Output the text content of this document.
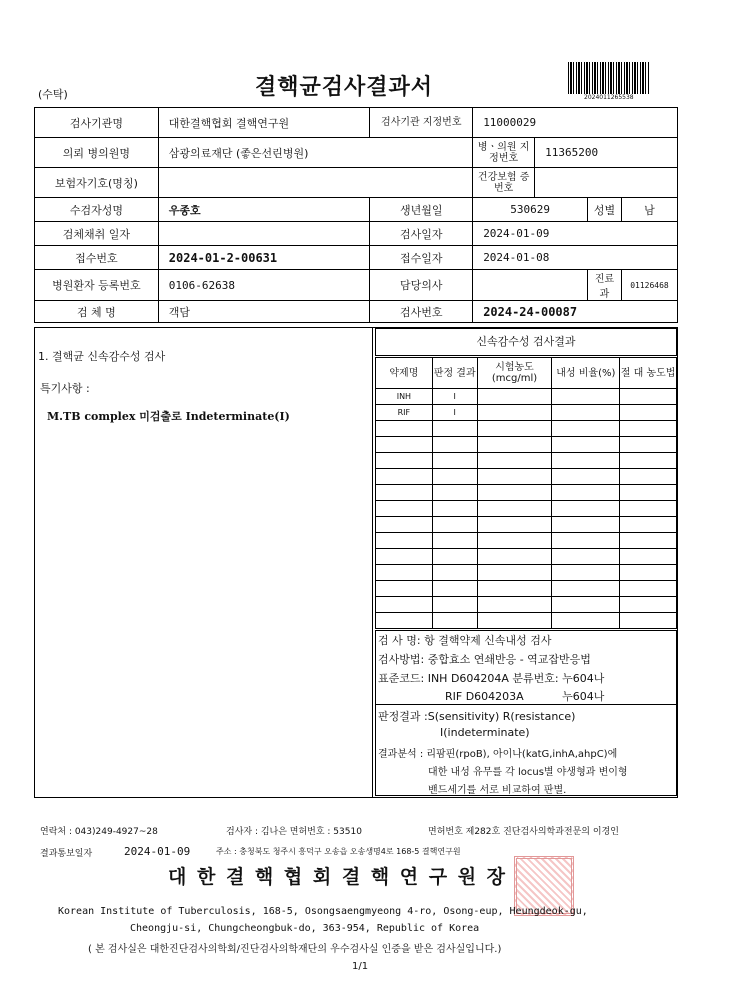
(수탁)	결핵균검사결과서	2024011265538
검사기관명	대한결핵협회 결핵연구원	검사기관 지정번호	11000029			
의뢰 병의원명	삼광의료재단 (좋은선린병원)		병ㆍ의원 지정번호	11365200		
보험자기호(명칭)			건강보험 증번호			
수검자성명	우종호	생년월일	530629		성별	남
검체채취 일자		검사일자	2024-01-09			
접수번호	2024-01-2-00631	접수일자	2024-01-08			
병원환자 등록번호	0106-62638	담당의사			진료과	01126468
검 체 명	객담	검사번호	2024-24-00087			
1. 결핵균 신속감수성 검사
특기사항 :
M.TB complex 미검출로 Indeterminate(I)
신속감수성 검사결과
약제명	판정 결과	시험농도 (mcg/ml)	내성 비율(%)	절 대 농도법
INH	I			
RIF	I			

검 사 명: 항 결핵약제 신속내성 검사
검사방법: 중합효소 연쇄반응 - 역교잡반응법
표준코드: INH D604204A 분류번호: 누604나
RIF D604203A           누604나
판정결과 :S(sensitivity) R(resistance)
I(indeterminate)
결과분석 : 리팜핀(rpoB), 아이나(katG,inhA,ahpC)에
대한 내성 유무를 각 locus별 야생형과 변이형
밴드세기를 서로 비교하여 판별.
연락처 : 043)249-4927~28	검사자 : 김나은 면허번호 : 53510	면허번호 제282호 진단검사의학과전문의 이경인
결과통보일자	2024-01-09	주소 : 충청북도 청주시 흥덕구 오송읍 오송생명4로 168-5 결핵연구원
대 한 결 핵 협 회 결 핵 연 구 원 장
Korean Institute of Tuberculosis, 168-5, Osongsaengmyeong 4-ro, Osong-eup, Heungdeok-gu,
Cheongju-si, Chungcheongbuk-do, 363-954, Republic of Korea
( 본 검사실은 대한진단검사의학회/진단검사의학재단의 우수검사실 인증을 받은 검사실입니다.)
1/1
